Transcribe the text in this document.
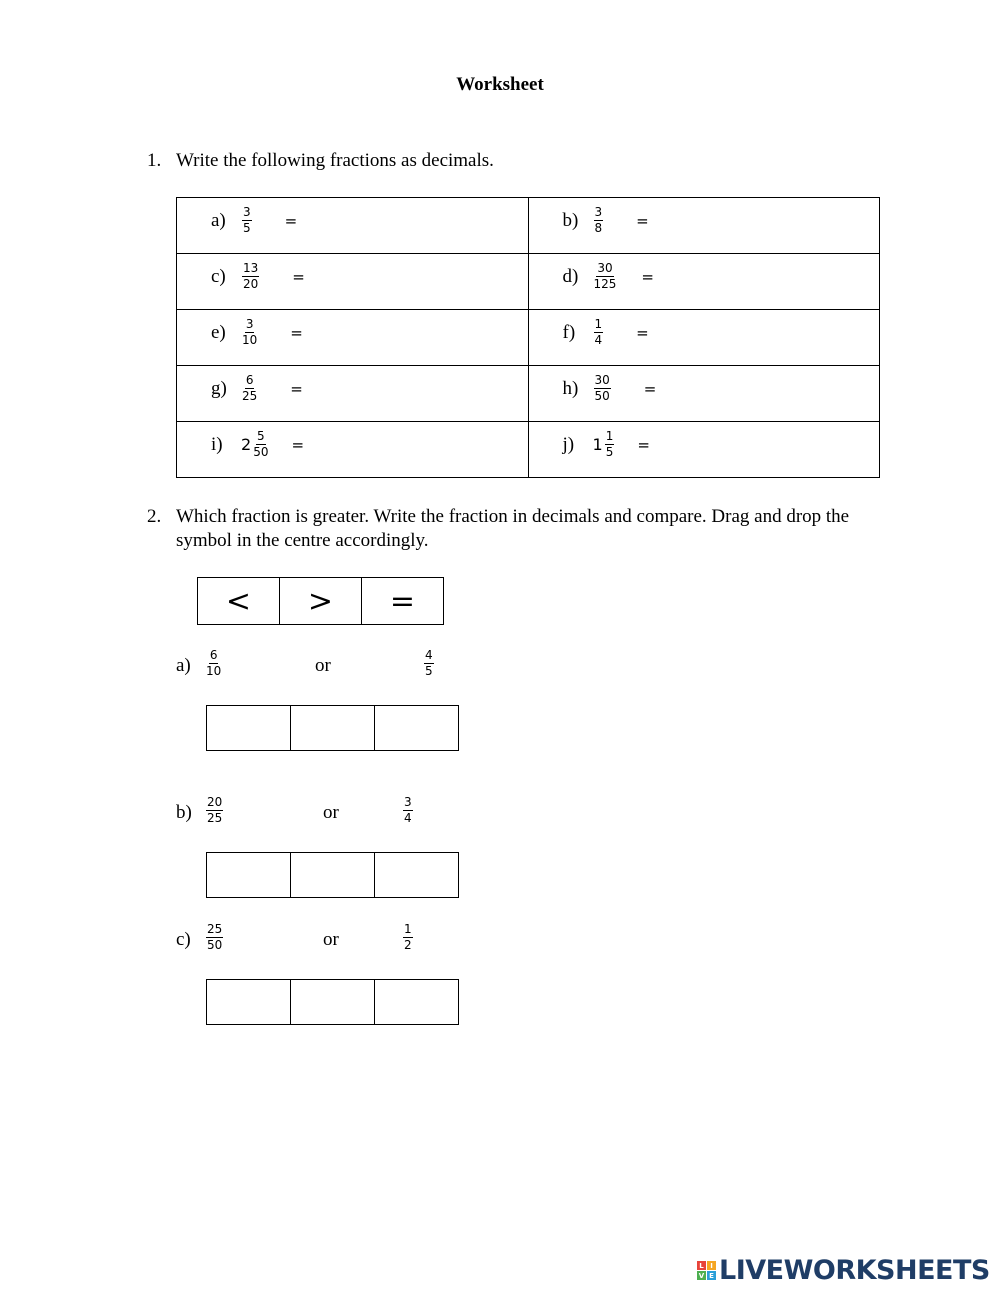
Worksheet
1. Write the following fractions as decimals.
$a) \frac{3}{5}$ =	$b) \frac{3}{8}$ =

$c) \frac{13}{20}$ =	$d) \frac{30}{125}$ =

$e) \frac{3}{10}$ =	$f) \frac{1}{4}$ =

$g) \frac{6}{25}$ =	$h) \frac{30}{50}$ =

i) $2 \frac{5}{50}$ =	j) $1 \frac{1}{5}$ =
2. Which fraction is greater. Write the fraction in decimals and compare. Drag and drop the
symbol in the centre accordingly.
<	>	=
$a) \frac{6}{10}$	or	$\frac{4}{5}$
$b) \frac{20}{25}$	or	$\frac{3}{4}$
$c) \frac{25}{50}$	or	$\frac{1}{2}$
L I
V E LIVEWORKSHEETS
